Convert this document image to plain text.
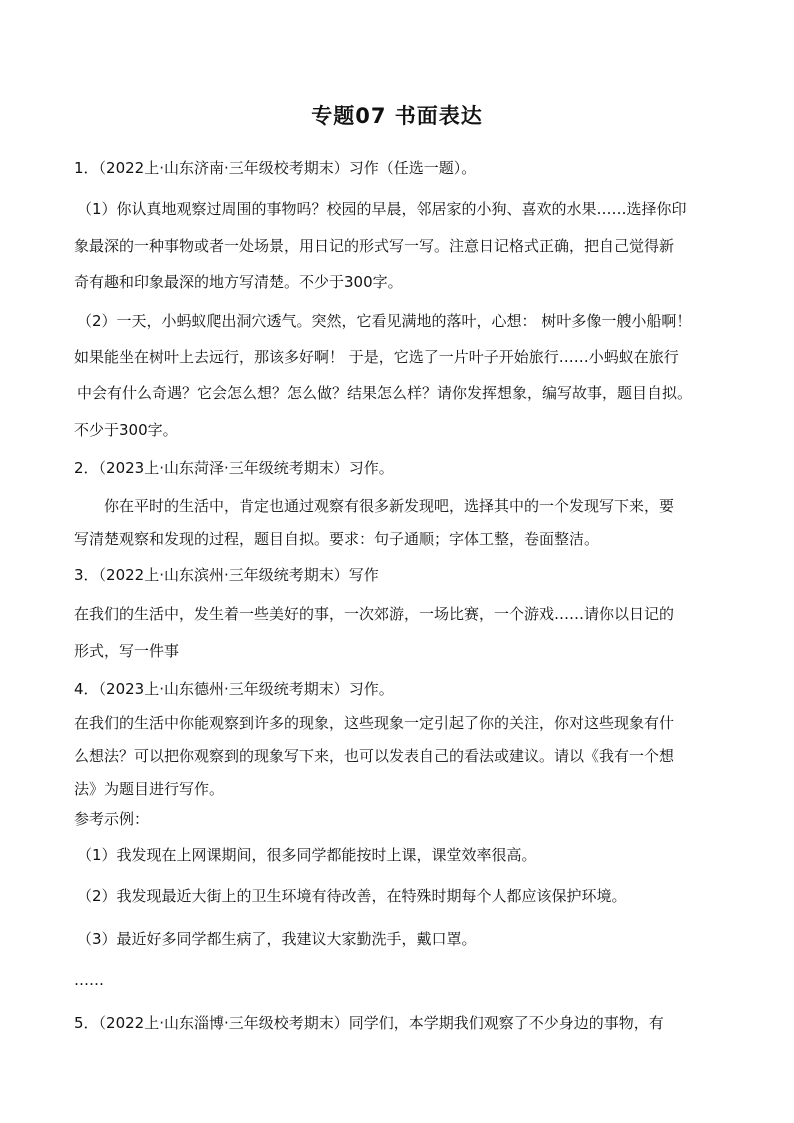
专题07 书面表达
1．（2022上·山东济南·三年级校考期末）习作（任选一题）。
（1）你认真地观察过周围的事物吗？校园的早晨，邻居家的小狗、喜欢的水果……选择你印
象最深的一种事物或者一处场景，用日记的形式写一写。注意日记格式正确，把自己觉得新
奇有趣和印象最深的地方写清楚。不少于300字。
（2）一天，小蚂蚁爬出洞穴透气。突然，它看见满地的落叶，心想： 树叶多像一艘小船啊！
如果能坐在树叶上去远行，那该多好啊！ 于是，它选了一片叶子开始旅行……小蚂蚁在旅行
中会有什么奇遇？它会怎么想？怎么做？结果怎么样？请你发挥想象，编写故事，题目自拟。
不少于300字。
2．（2023上·山东菏泽·三年级统考期末）习作。
你在平时的生活中，肯定也通过观察有很多新发现吧，选择其中的一个发现写下来，要
写清楚观察和发现的过程，题目自拟。要求：句子通顺；字体工整，卷面整洁。
3．（2022上·山东滨州·三年级统考期末）写作
在我们的生活中，发生着一些美好的事，一次郊游，一场比赛，一个游戏……请你以日记的
形式，写一件事
4．（2023上·山东德州·三年级统考期末）习作。
在我们的生活中你能观察到许多的现象，这些现象一定引起了你的关注，你对这些现象有什
么想法？可以把你观察到的现象写下来，也可以发表自己的看法或建议。请以《我有一个想
法》为题目进行写作。
参考示例：
（1）我发现在上网课期间，很多同学都能按时上课，课堂效率很高。
（2）我发现最近大街上的卫生环境有待改善，在特殊时期每个人都应该保护环境。
（3）最近好多同学都生病了，我建议大家勤洗手，戴口罩。
……
5．（2022上·山东淄博·三年级校考期末）同学们，本学期我们观察了不少身边的事物，有
